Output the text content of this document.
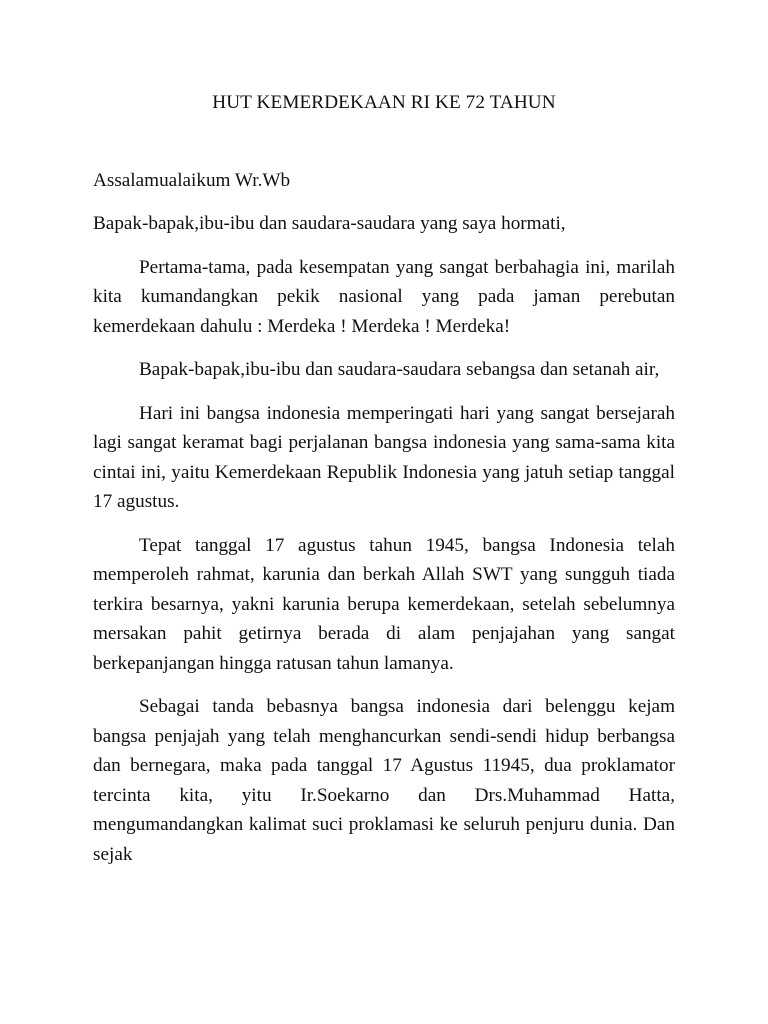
HUT KEMERDEKAAN RI KE 72 TAHUN
Assalamualaikum Wr.Wb
Bapak-bapak,ibu-ibu dan saudara-saudara yang saya hormati,

Pertama-tama, pada kesempatan yang sangat berbahagia ini, marilah kita kumandangkan pekik nasional yang pada jaman perebutan kemerdekaan dahulu : Merdeka ! Merdeka ! Merdeka!

Bapak-bapak,ibu-ibu dan saudara-saudara sebangsa dan setanah air,

Hari ini bangsa indonesia memperingati hari yang sangat bersejarah lagi sangat keramat bagi perjalanan bangsa indonesia yang sama-sama kita cintai ini, yaitu Kemerdekaan Republik Indonesia yang jatuh setiap tanggal 17 agustus.

Tepat tanggal 17 agustus tahun 1945, bangsa Indonesia telah memperoleh rahmat, karunia dan berkah Allah SWT yang sungguh tiada terkira besarnya, yakni karunia berupa kemerdekaan, setelah sebelumnya mersakan pahit getirnya berada di alam penjajahan yang sangat berkepanjangan hingga ratusan tahun lamanya.

Sebagai tanda bebasnya bangsa indonesia dari belenggu kejam bangsa penjajah yang telah menghancurkan sendi-sendi hidup berbangsa dan bernegara, maka pada tanggal 17 Agustus 11945, dua proklamator tercinta kita, yitu Ir.Soekarno dan Drs.Muhammad Hatta, mengumandangkan kalimat suci proklamasi ke seluruh penjuru dunia. Dan sejak
